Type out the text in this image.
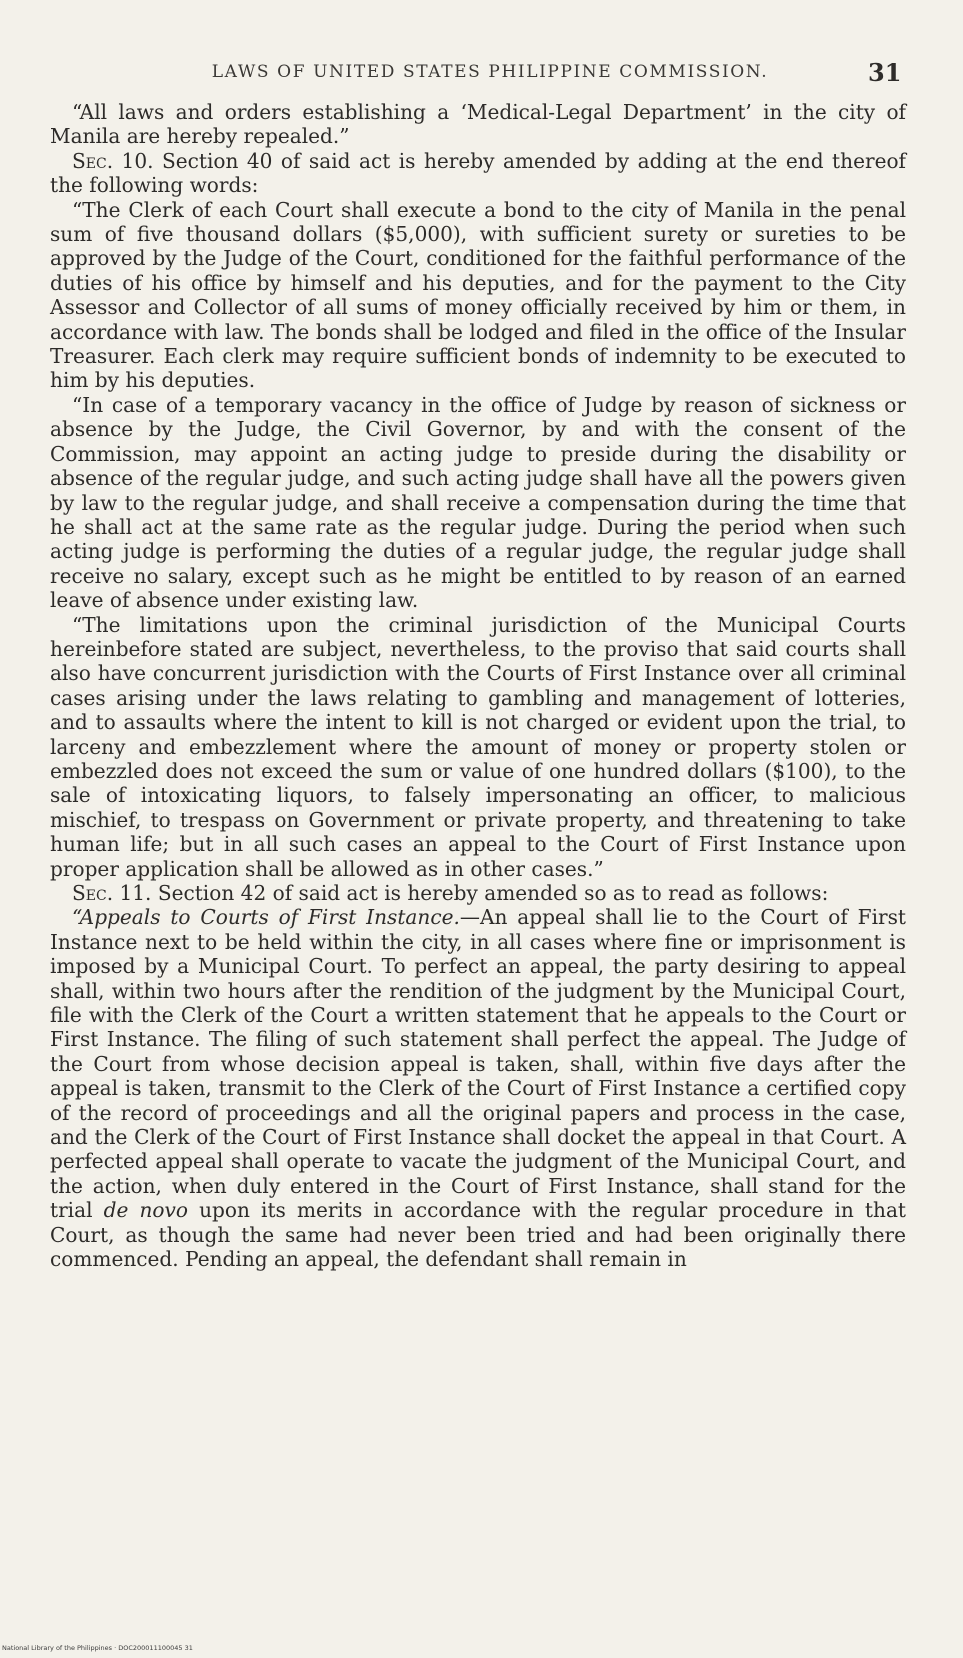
LAWS OF UNITED STATES PHILIPPINE COMMISSION.	31

“All laws and orders establishing a ‘Medical-Legal Department’ in the city of Manila are hereby repealed.”

Sec. 10. Section 40 of said act is hereby amended by adding at the end thereof the following words:

“The Clerk of each Court shall execute a bond to the city of Manila in the penal sum of five thousand dollars ($5,000), with sufficient surety or sureties to be approved by the Judge of the Court, conditioned for the faithful performance of the duties of his office by himself and his deputies, and for the payment to the City Assessor and Collector of all sums of money officially received by him or them, in accordance with law. The bonds shall be lodged and filed in the office of the Insular Treasurer. Each clerk may require sufficient bonds of indemnity to be executed to him by his deputies.

“In case of a temporary vacancy in the office of Judge by reason of sickness or absence by the Judge, the Civil Governor, by and with the consent of the Commission, may appoint an acting judge to preside during the disability or absence of the regular judge, and such acting judge shall have all the powers given by law to the regular judge, and shall receive a compensation during the time that he shall act at the same rate as the regular judge. During the period when such acting judge is performing the duties of a regular judge, the regular judge shall receive no salary, except such as he might be entitled to by reason of an earned leave of absence under existing law.

“The limitations upon the criminal jurisdiction of the Municipal Courts hereinbefore stated are subject, nevertheless, to the proviso that said courts shall also have concurrent jurisdiction with the Courts of First Instance over all criminal cases arising under the laws relating to gambling and management of lotteries, and to assaults where the intent to kill is not charged or evident upon the trial, to larceny and embezzlement where the amount of money or property stolen or embezzled does not exceed the sum or value of one hundred dollars ($100), to the sale of intoxicating liquors, to falsely impersonating an officer, to malicious mischief, to trespass on Government or private property, and threatening to take human life; but in all such cases an appeal to the Court of First Instance upon proper application shall be allowed as in other cases.”

Sec. 11. Section 42 of said act is hereby amended so as to read as follows:

“Appeals to Courts of First Instance.—An appeal shall lie to the Court of First Instance next to be held within the city, in all cases where fine or imprisonment is imposed by a Municipal Court. To perfect an appeal, the party desiring to appeal shall, within two hours after the rendition of the judgment by the Municipal Court, file with the Clerk of the Court a written statement that he appeals to the Court or First Instance. The filing of such statement shall perfect the appeal. The Judge of the Court from whose decision appeal is taken, shall, within five days after the appeal is taken, transmit to the Clerk of the Court of First Instance a certified copy of the record of proceedings and all the original papers and process in the case, and the Clerk of the Court of First Instance shall docket the appeal in that Court. A perfected appeal shall operate to vacate the judgment of the Municipal Court, and the action, when duly entered in the Court of First Instance, shall stand for the trial de novo upon its merits in accordance with the regular procedure in that Court, as though the same had never been tried and had been originally there commenced. Pending an appeal, the defendant shall remain in

National Library of the Philippines · DOC200011100045 31
